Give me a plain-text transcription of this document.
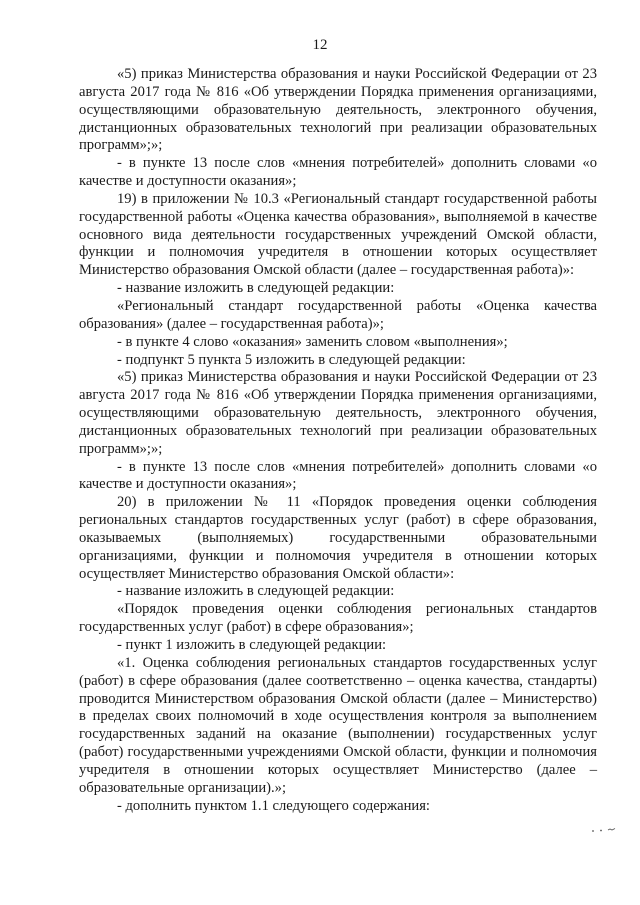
12

«5) приказ Министерства образования и науки Российской Федерации от 23 августа 2017 года № 816 «Об утверждении Порядка применения организациями, осуществляющими образовательную деятельность, электронного обучения, дистанционных образовательных технологий при реализации образовательных программ»;»;

- в пункте 13 после слов «мнения потребителей» дополнить словами «о качестве и доступности оказания»;

19) в приложении № 10.3 «Региональный стандарт государственной работы государственной работы «Оценка качества образования», выполняемой в качестве основного вида деятельности государственных учреждений Омской области, функции и полномочия учредителя в отношении которых осуществляет Министерство образования Омской области (далее – государственная работа)»:

- название изложить в следующей редакции:

«Региональный стандарт государственной работы «Оценка качества образования» (далее – государственная работа)»;

- в пункте 4 слово «оказания» заменить словом «выполнения»;

- подпункт 5 пункта 5 изложить в следующей редакции:

«5) приказ Министерства образования и науки Российской Федерации от 23 августа 2017 года № 816 «Об утверждении Порядка применения организациями, осуществляющими образовательную деятельность, электронного обучения, дистанционных образовательных технологий при реализации образовательных программ»;»;

- в пункте 13 после слов «мнения потребителей» дополнить словами «о качестве и доступности оказания»;

20) в приложении № 11 «Порядок проведения оценки соблюдения региональных стандартов государственных услуг (работ) в сфере образования, оказываемых (выполняемых) государственными образовательными организациями, функции и полномочия учредителя в отношении которых осуществляет Министерство образования Омской области»:

- название изложить в следующей редакции:

«Порядок проведения оценки соблюдения региональных стандартов государственных услуг (работ) в сфере образования»;

- пункт 1 изложить в следующей редакции:

«1. Оценка соблюдения региональных стандартов государственных услуг (работ) в сфере образования (далее соответственно – оценка качества, стандарты) проводится Министерством образования Омской области (далее – Министерство) в пределах своих полномочий в ходе осуществления контроля за выполнением государственных заданий на оказание (выполнении) государственных услуг (работ) государственными учреждениями Омской области, функции и полномочия учредителя в отношении которых осуществляет Министерство (далее – образовательные организации).»;

- дополнить пунктом 1.1 следующего содержания:
